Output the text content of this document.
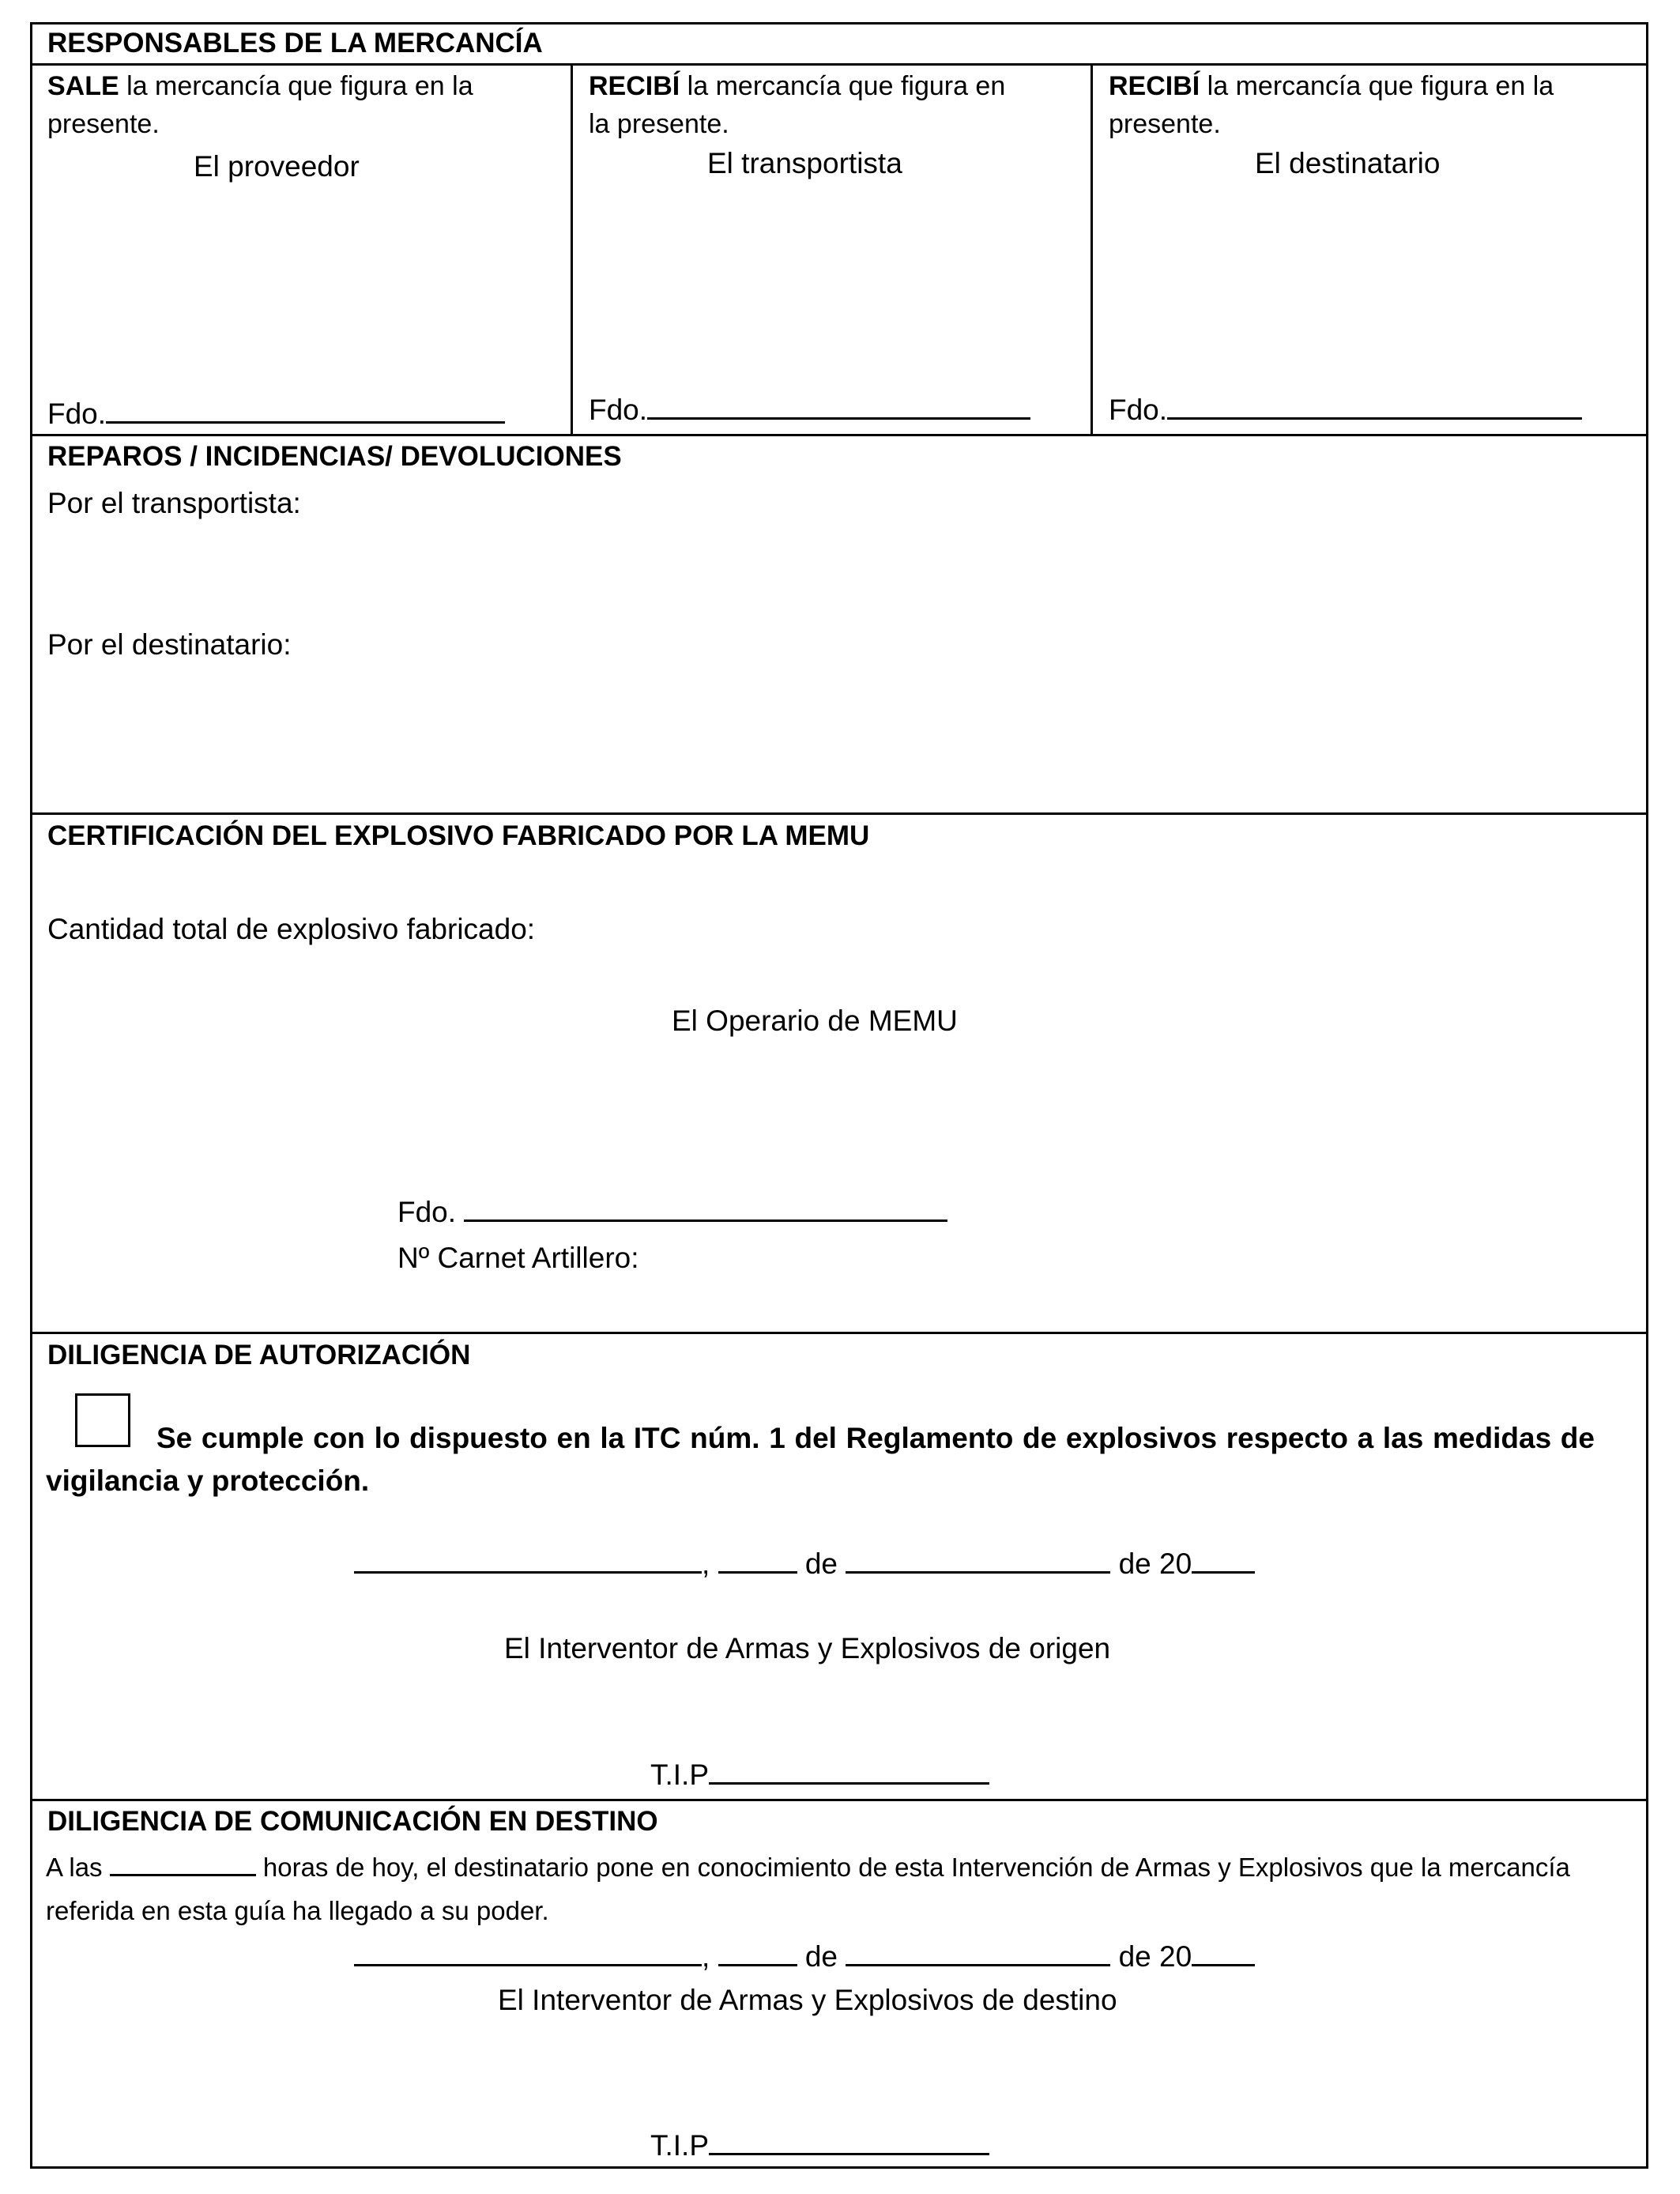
RESPONSABLES DE LA MERCANCÍA
SALE la mercancía que figura en la
presente.
El proveedor
Fdo.
RECIBÍ la mercancía que figura en
la presente.
El transportista
Fdo.
RECIBÍ la mercancía que figura en la
presente.
El destinatario
Fdo.
REPAROS / INCIDENCIAS/ DEVOLUCIONES
Por el transportista:
Por el destinatario:
CERTIFICACIÓN DEL EXPLOSIVO FABRICADO POR LA MEMU
Cantidad total de explosivo fabricado:
El Operario de MEMU
Fdo.
Nº Carnet Artillero:
DILIGENCIA DE AUTORIZACIÓN
Se cumple con lo dispuesto en la ITC núm. 1 del Reglamento de explosivos respecto a las medidas de vigilancia y protección.
,	de	de 20
El Interventor de Armas y Explosivos de origen
T.I.P
DILIGENCIA DE COMUNICACIÓN EN DESTINO
A las	horas de hoy, el destinatario pone en conocimiento de esta Intervención de Armas y Explosivos que la mercancía referida en esta guía ha llegado a su poder.
,	de	de 20
El Interventor de Armas y Explosivos de destino
T.I.P
